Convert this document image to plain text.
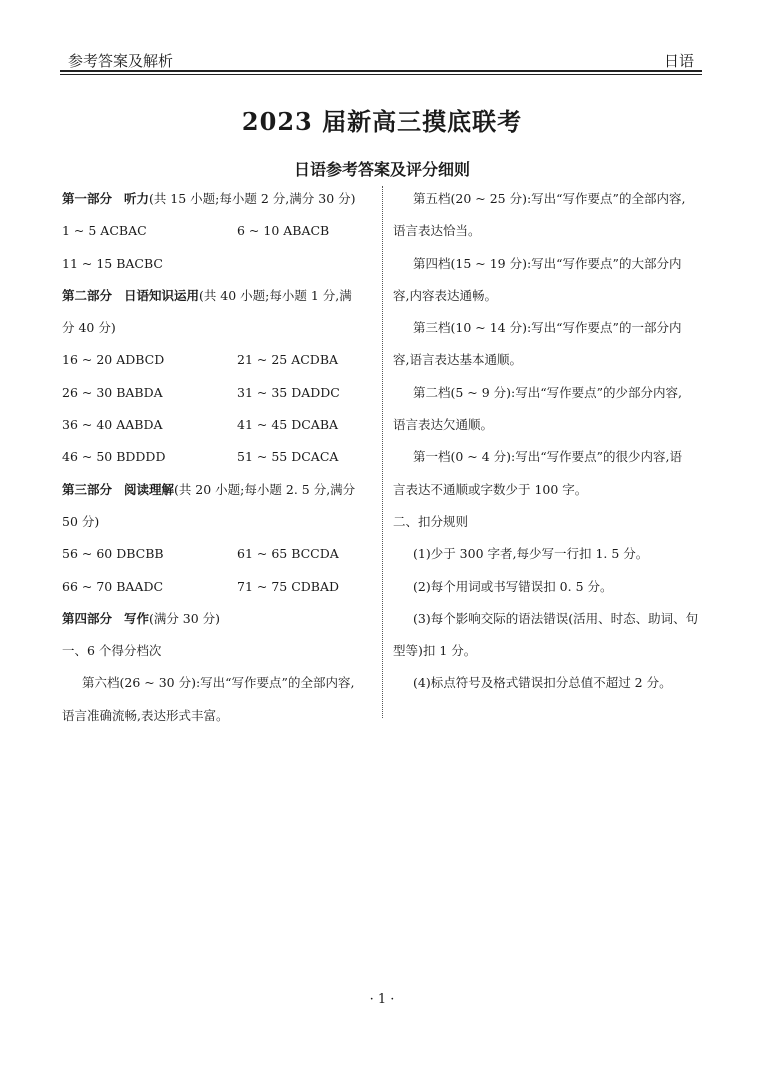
参考答案及解析	日语
2023 届新高三摸底联考
日语参考答案及评分细则
第一部分 听力(共 15 小题;每小题 2 分,满分 30 分)
1 ~ 5 ACBAC	6 ~ 10 ABACB
11 ~ 15 BACBC
第二部分 日语知识运用(共 40 小题;每小题 1 分,满
分 40 分)
16 ~ 20 ADBCD	21 ~ 25 ACDBA
26 ~ 30 BABDA	31 ~ 35 DADDC
36 ~ 40 AABDA	41 ~ 45 DCABA
46 ~ 50 BDDDD	51 ~ 55 DCACA
第三部分 阅读理解(共 20 小题;每小题 2. 5 分,满分
50 分)
56 ~ 60 DBCBB	61 ~ 65 BCCDA
66 ~ 70 BAADC	71 ~ 75 CDBAD
第四部分 写作(满分 30 分)
一、6 个得分档次
第六档(26 ~ 30 分):写出“写作要点”的全部内容,
语言准确流畅,表达形式丰富。
第五档(20 ~ 25 分):写出“写作要点”的全部内容,
语言表达恰当。
第四档(15 ~ 19 分):写出“写作要点”的大部分内
容,内容表达通畅。
第三档(10 ~ 14 分):写出“写作要点”的一部分内
容,语言表达基本通顺。
第二档(5 ~ 9 分):写出“写作要点”的少部分内容,
语言表达欠通顺。
第一档(0 ~ 4 分):写出“写作要点”的很少内容,语
言表达不通顺或字数少于 100 字。
二、扣分规则
(1)少于 300 字者,每少写一行扣 1. 5 分。
(2)每个用词或书写错误扣 0. 5 分。
(3)每个影响交际的语法错误(活用、时态、助词、句
型等)扣 1 分。
(4)标点符号及格式错误扣分总值不超过 2 分。
· 1 ·
